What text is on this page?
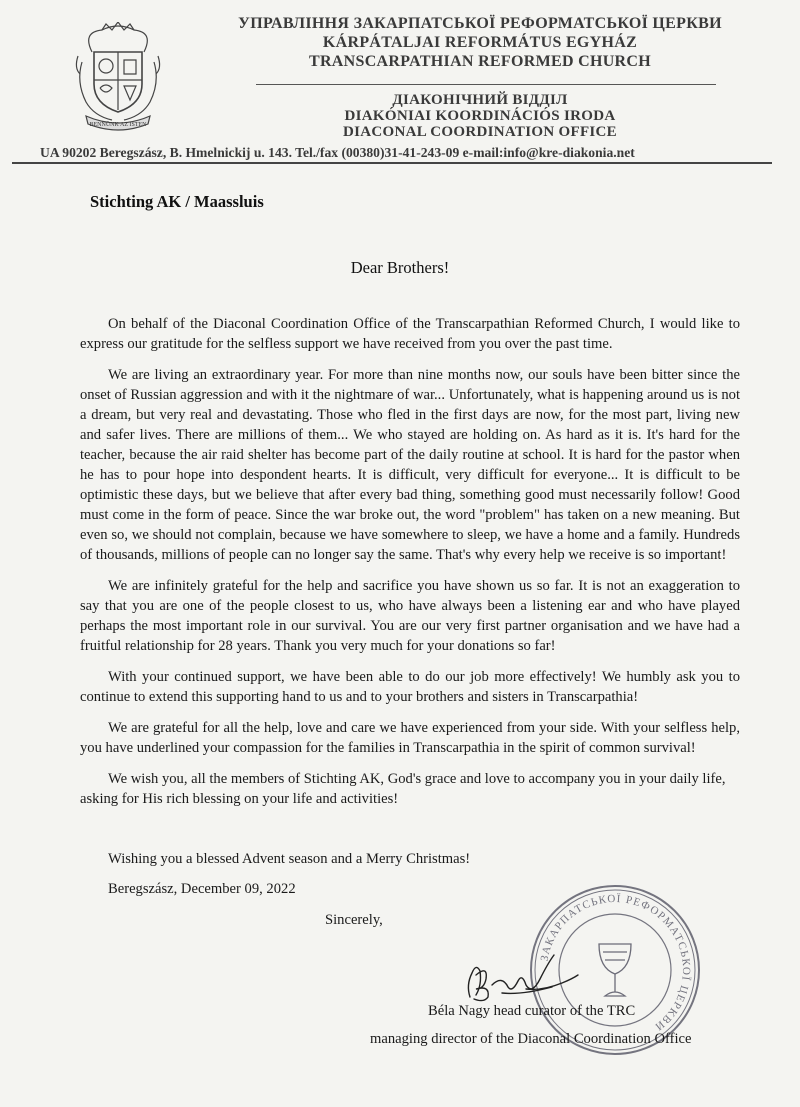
BENNÜNK AZ ISTEN
УПРАВЛІННЯ ЗАКАРПАТСЬКОЇ РЕФОРМАТСЬКОЇ ЦЕРКВИ
KÁRPÁTALJAI REFORMÁTUS EGYHÁZ
TRANSCARPATHIAN REFORMED CHURCH
ДІАКОНІЧНИЙ ВІДДІЛ
DIAKÓNIAI KOORDINÁCIÓS IRODA
DIACONAL COORDINATION OFFICE
UA 90202 Beregszász, B. Hmelnickij u. 143. Tel./fax (00380)31-41-243-09 e-mail:info@kre-diakonia.net
Stichting AK / Maassluis
Dear Brothers!

On behalf of the Diaconal Coordination Office of the Transcarpathian Reformed Church, I would like to express our gratitude for the selfless support we have received from you over the past time.

We are living an extraordinary year. For more than nine months now, our souls have been bitter since the onset of Russian aggression and with it the nightmare of war... Unfortunately, what is happening around us is not a dream, but very real and devastating. Those who fled in the first days are now, for the most part, living new and safer lives. There are millions of them... We who stayed are holding on. As hard as it is. It's hard for the teacher, because the air raid shelter has become part of the daily routine at school. It is hard for the pastor when he has to pour hope into despondent hearts. It is difficult, very difficult for everyone... It is difficult to be optimistic these days, but we believe that after every bad thing, something good must necessarily follow! Good must come in the form of peace. Since the war broke out, the word "problem" has taken on a new meaning. But even so, we should not complain, because we have somewhere to sleep, we have a home and a family. Hundreds of thousands, millions of people can no longer say the same. That's why every help we receive is so important!

We are infinitely grateful for the help and sacrifice you have shown us so far. It is not an exaggeration to say that you are one of the people closest to us, who have always been a listening ear and who have played perhaps the most important role in our survival. You are our very first partner organisation and we have had a fruitful relationship for 28 years. Thank you very much for your donations so far!

With your continued support, we have been able to do our job more effectively! We humbly ask you to continue to extend this supporting hand to us and to your brothers and sisters in Transcarpathia!

We are grateful for all the help, love and care we have experienced from your side. With your selfless help, you have underlined your compassion for the families in Transcarpathia in the spirit of common survival!

We wish you, all the members of Stichting AK, God's grace and love to accompany you in your daily life, asking for His rich blessing on your life and activities!

Wishing you a blessed Advent season and a Merry Christmas!
Beregszász, December 09, 2022
Sincerely,
ЗАКАРПАТСЬКОЇ РЕФОРМАТСЬКОЇ ЦЕРКВИ
Béla Nagy head curator of the TRC
managing director of the Diaconal Coordination Office
